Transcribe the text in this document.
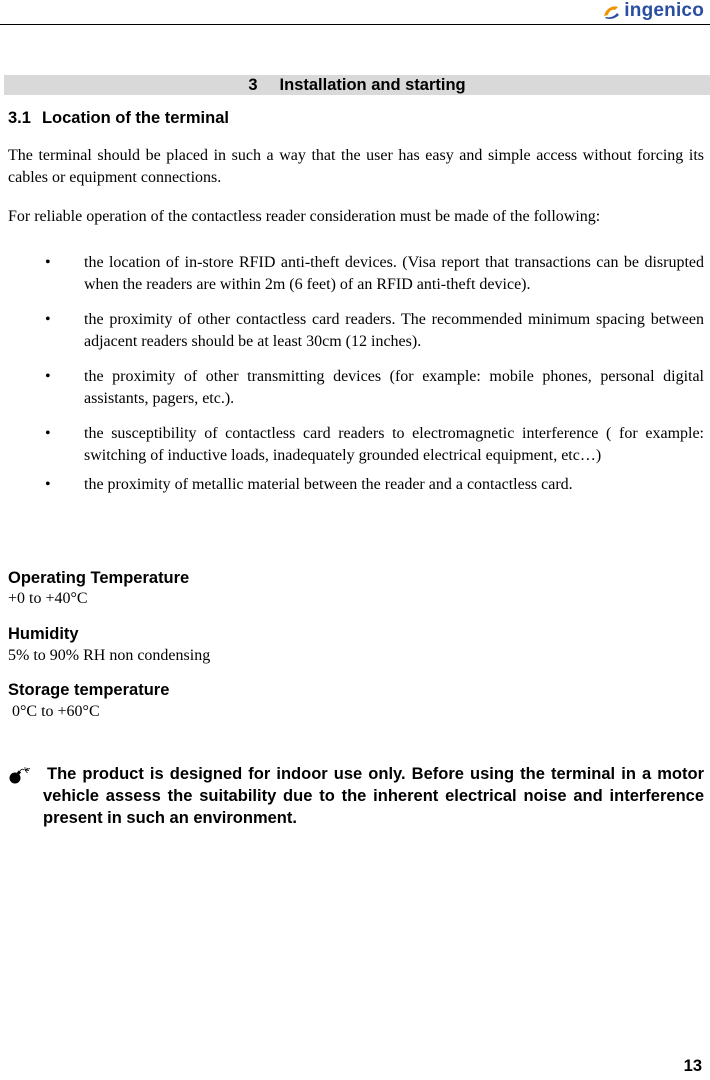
ingenico
3 Installation and starting
3.1 Location of the terminal
The terminal should be placed in such a way that the user has easy and simple access without forcing its cables or equipment connections.
For reliable operation of the contactless reader consideration must be made of the following:
• the location of in-store RFID anti-theft devices. (Visa report that transactions can be disrupted when the readers are within 2m (6 feet) of an RFID anti-theft device).
• the proximity of other contactless card readers. The recommended minimum spacing between adjacent readers should be at least 30cm (12 inches).
• the proximity of other transmitting devices (for example: mobile phones, personal digital assistants, pagers, etc.).
• the susceptibility of contactless card readers to electromagnetic interference ( for example: switching of inductive loads, inadequately grounded electrical equipment, etc…)
• the proximity of metallic material between the reader and a contactless card.
Operating Temperature
+0 to +40°C
Humidity
5% to 90% RH non condensing
Storage temperature
0°C to +60°C
The product is designed for indoor use only. Before using the terminal in a motor vehicle assess the suitability due to the inherent electrical noise and interference present in such an environment.
13
